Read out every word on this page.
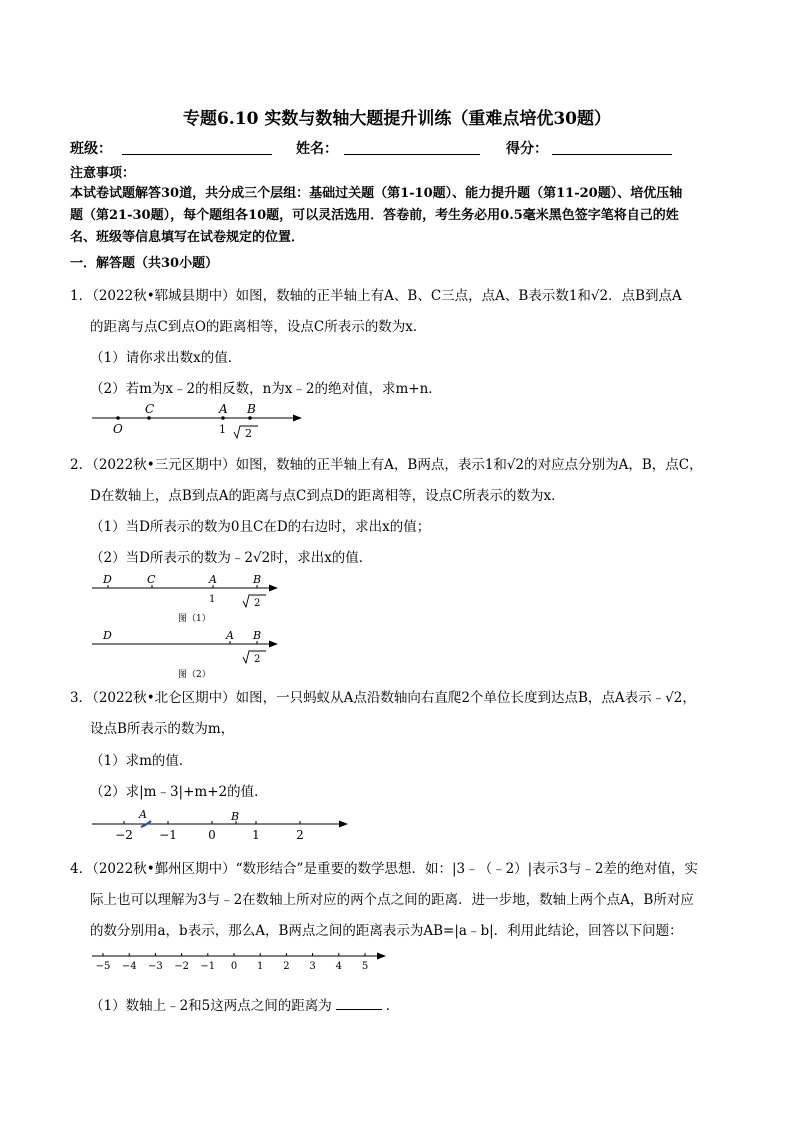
专题6.10 实数与数轴大题提升训练（重难点培优30题）
班级：	姓名：	得分：
注意事项：
本试卷试题解答30道，共分成三个层组：基础过关题（第1-10题）、能力提升题（第11-20题）、培优压轴
题（第21-30题），每个题组各10题，可以灵活选用．答卷前，考生务必用0.5毫米黑色签字笔将自己的姓
名、班级等信息填写在试卷规定的位置．
一．解答题（共30小题）
1．（2022秋•郓城县期中）如图，数轴的正半轴上有A、B、C三点，点A、B表示数1和√2．点B到点A
的距离与点C到点O的距离相等，设点C所表示的数为x．
（1）请你求出数x的值．
（2）若m为x﹣2的相反数，n为x﹣2的绝对值，求m+n．
C	A B
O	1 2
2．（2022秋•三元区期中）如图，数轴的正半轴上有A，B两点，表示1和√2的对应点分别为A，B，点C，
D在数轴上，点B到点A的距离与点C到点D的距离相等，设点C所表示的数为x．
（1）当D所表示的数为0且C在D的右边时，求出x的值；
（2）当D所表示的数为﹣2√2时，求出x的值．
D	C	A	B
1	2
图（1）
D	A B
2
图（2）
3．（2022秋•北仑区期中）如图，一只蚂蚁从A点沿数轴向右直爬2个单位长度到达点B，点A表示﹣√2，
设点B所表示的数为m，
（1）求m的值．
（2）求|m﹣3|+m+2的值．
−2 −1	0	1	2
A	B
4．（2022秋•鄞州区期中）“数形结合”是重要的数学思想．如：|3﹣（﹣2）|表示3与﹣2差的绝对值，实
际上也可以理解为3与﹣2在数轴上所对应的两个点之间的距离．进一步地，数轴上两个点A，B所对应
的数分别用a，b表示，那么A，B两点之间的距离表示为AB=|a﹣b|．利用此结论，回答以下问题：
−5 −4 −3 −2 −1 0 1 2 3 4 5
（1）数轴上﹣2和5这两点之间的距离为	．
